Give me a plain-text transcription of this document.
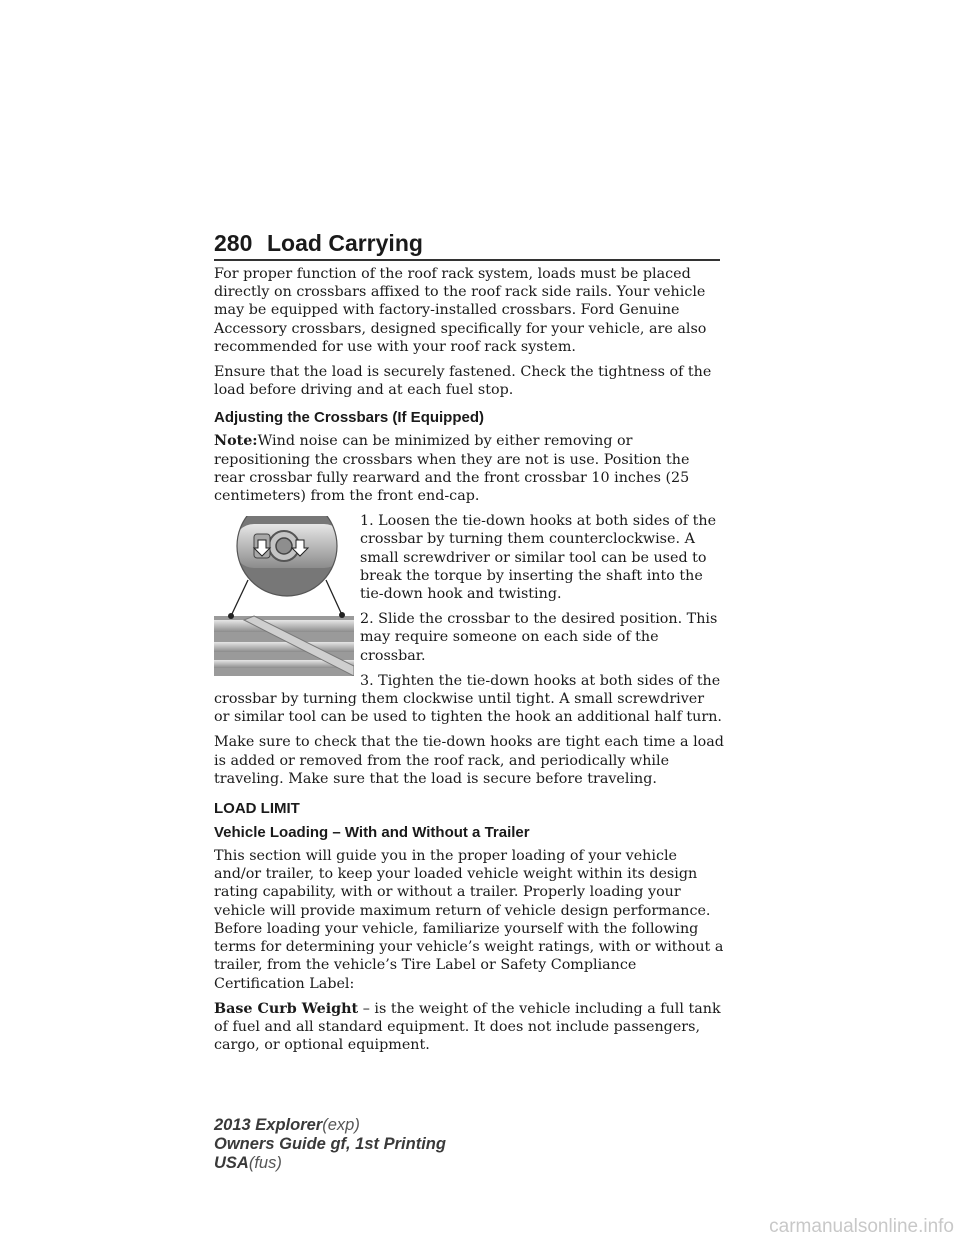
280 Load Carrying

For proper function of the roof rack system, loads must be placed directly on crossbars affixed to the roof rack side rails. Your vehicle may be equipped with factory-installed crossbars. Ford Genuine Accessory crossbars, designed specifically for your vehicle, are also recommended for use with your roof rack system.

Ensure that the load is securely fastened. Check the tightness of the load before driving and at each fuel stop.

Adjusting the Crossbars (If Equipped)

Note:Wind noise can be minimized by either removing or repositioning the crossbars when they are not is use. Position the rear crossbar fully rearward and the front crossbar 10 inches (25 centimeters) from the front end-cap.

1. Loosen the tie-down hooks at both sides of the crossbar by turning them counterclockwise. A small screwdriver or similar tool can be used to break the torque by inserting the shaft into the tie-down hook and twisting.

2. Slide the crossbar to the desired position. This may require someone on each side of the crossbar.

3. Tighten the tie-down hooks at both sides of the crossbar by turning them clockwise until tight. A small screwdriver or similar tool can be used to tighten the hook an additional half turn.

Make sure to check that the tie-down hooks are tight each time a load is added or removed from the roof rack, and periodically while traveling. Make sure that the load is secure before traveling.

LOAD LIMIT
Vehicle Loading – With and Without a Trailer

This section will guide you in the proper loading of your vehicle and/or trailer, to keep your loaded vehicle weight within its design rating capability, with or without a trailer. Properly loading your vehicle will provide maximum return of vehicle design performance. Before loading your vehicle, familiarize yourself with the following terms for determining your vehicle’s weight ratings, with or without a trailer, from the vehicle’s Tire Label or Safety Compliance Certification Label:

Base Curb Weight – is the weight of the vehicle including a full tank of fuel and all standard equipment. It does not include passengers, cargo, or optional equipment.

2013 Explorer(exp)
Owners Guide gf, 1st Printing
USA(fus)
carmanualsonline.info
